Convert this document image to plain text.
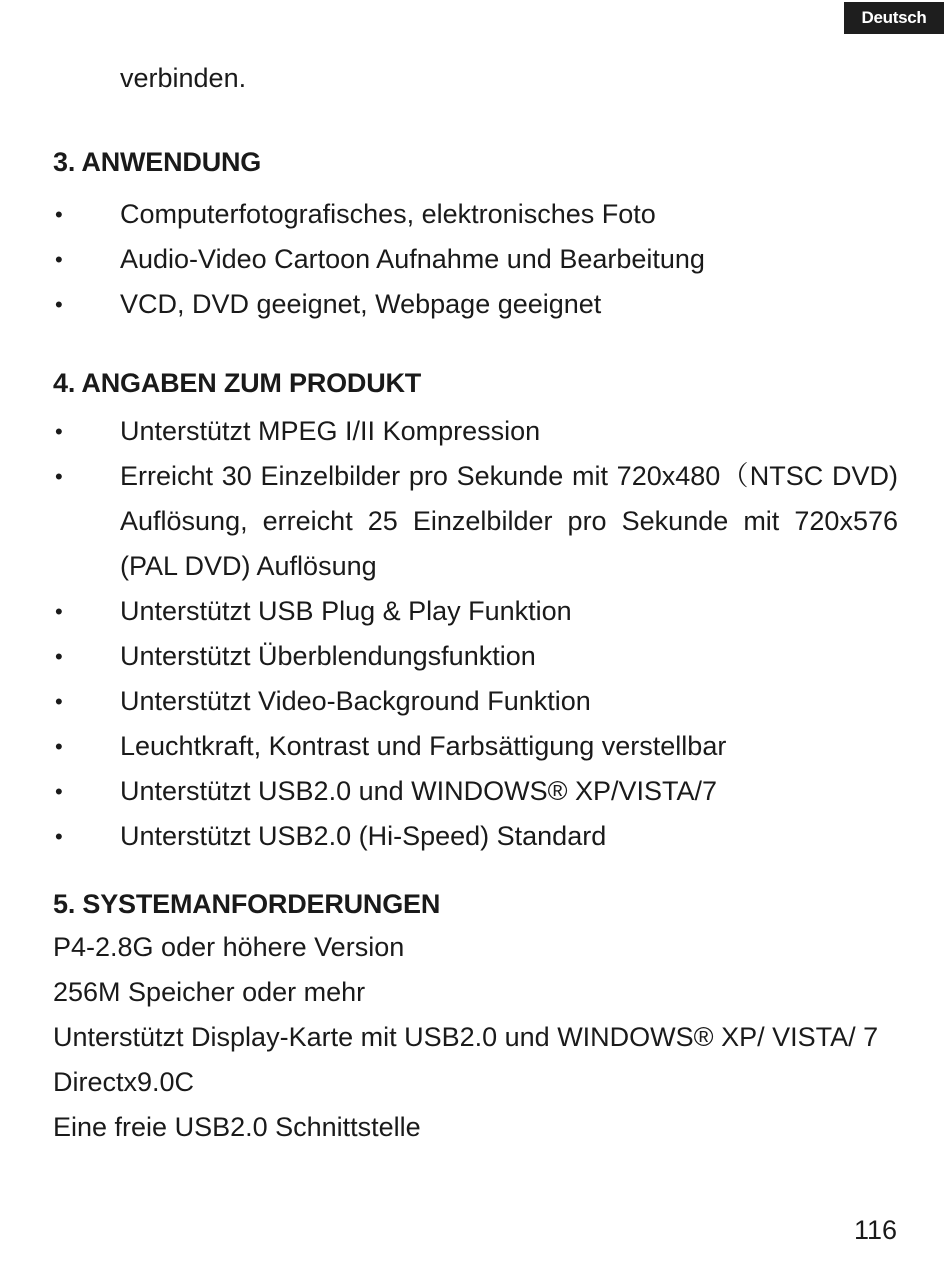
Deutsch

verbinden.

3. ANWENDUNG
• Computerfotografisches, elektronisches Foto
• Audio-Video Cartoon Aufnahme und Bearbeitung
• VCD, DVD geeignet, Webpage geeignet
4. ANGABEN ZUM PRODUKT
• Unterstützt MPEG I/II Kompression
• Erreicht 30 Einzelbilder pro Sekunde mit 720x480（NTSC DVD) Auflösung, erreicht 25 Einzelbilder pro Sekunde mit 720x576 (PAL DVD) Auflösung
• Unterstützt USB Plug & Play Funktion
• Unterstützt Überblendungsfunktion
• Unterstützt Video-Background Funktion
• Leuchtkraft, Kontrast und Farbsättigung verstellbar
• Unterstützt USB2.0 und WINDOWS® XP/VISTA/7
• Unterstützt USB2.0 (Hi-Speed) Standard
5. SYSTEMANFORDERUNGEN
P4-2.8G oder höhere Version
256M Speicher oder mehr
Unterstützt Display-Karte mit USB2.0 und WINDOWS® XP/ VISTA/ 7
Directx9.0C
Eine freie USB2.0 Schnittstelle
116
